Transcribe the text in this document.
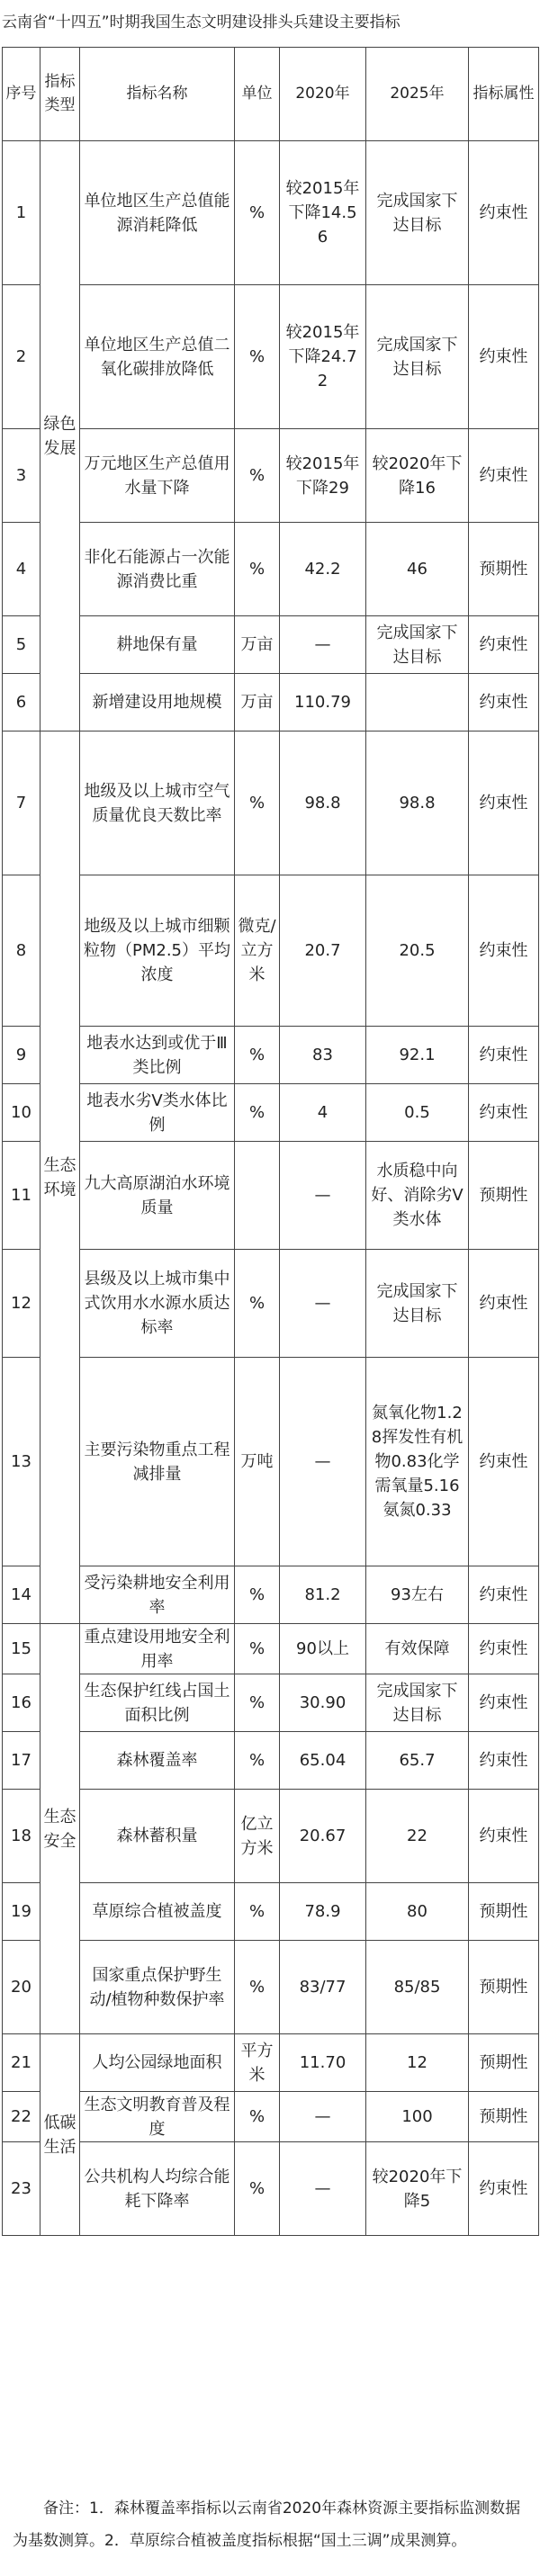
云南省“十四五”时期我国生态文明建设排头兵建设主要指标
序号	指标类型	指标名称	单位	2020年	2025年	指标属性
1	绿色发展	单位地区生产总值能源消耗降低	%	较2015年下降14.56	完成国家下达目标	约束性
2		单位地区生产总值二氧化碳排放降低	%	较2015年下降24.72	完成国家下达目标	约束性
3		万元地区生产总值用水量下降	%	较2015年下降29	较2020年下降16	约束性
4		非化石能源占一次能源消费比重	%	42.2	46	预期性
5		耕地保有量	万亩	—	完成国家下达目标	约束性
6		新增建设用地规模	万亩	110.79		约束性
7	生态环境	地级及以上城市空气质量优良天数比率	%	98.8	98.8	约束性
8		地级及以上城市细颗粒物（PM2.5）平均浓度	微克/立方米	20.7	20.5	约束性
9		地表水达到或优于Ⅲ类比例	%	83	92.1	约束性
10		地表水劣Ⅴ类水体比例	%	4	0.5	约束性
11		九大高原湖泊水环境质量		—	水质稳中向好、消除劣Ⅴ类水体	预期性
12		县级及以上城市集中式饮用水水源水质达标率	%	—	完成国家下达目标	约束性
13		主要污染物重点工程减排量	万吨	—	氮氧化物1.28挥发性有机物0.83化学需氧量5.16氨氮0.33	约束性
14		受污染耕地安全利用率	%	81.2	93左右	约束性
15	生态安全	重点建设用地安全利用率	%	90以上	有效保障	约束性
16		生态保护红线占国土面积比例	%	30.90	完成国家下达目标	约束性
17		森林覆盖率	%	65.04	65.7	约束性
18		森林蓄积量	亿立方米	20.67	22	约束性
19		草原综合植被盖度	%	78.9	80	预期性
20		国家重点保护野生动/植物种数保护率	%	83/77	85/85	预期性
21	低碳生活	人均公园绿地面积	平方米	11.70	12	预期性
22		生态文明教育普及程度	%	—	100	预期性
23		公共机构人均综合能耗下降率	%	—	较2020年下降5	约束性
备注：1．森林覆盖率指标以云南省2020年森林资源主要指标监测数据为基数测算。2．草原综合植被盖度指标根据“国土三调”成果测算。
